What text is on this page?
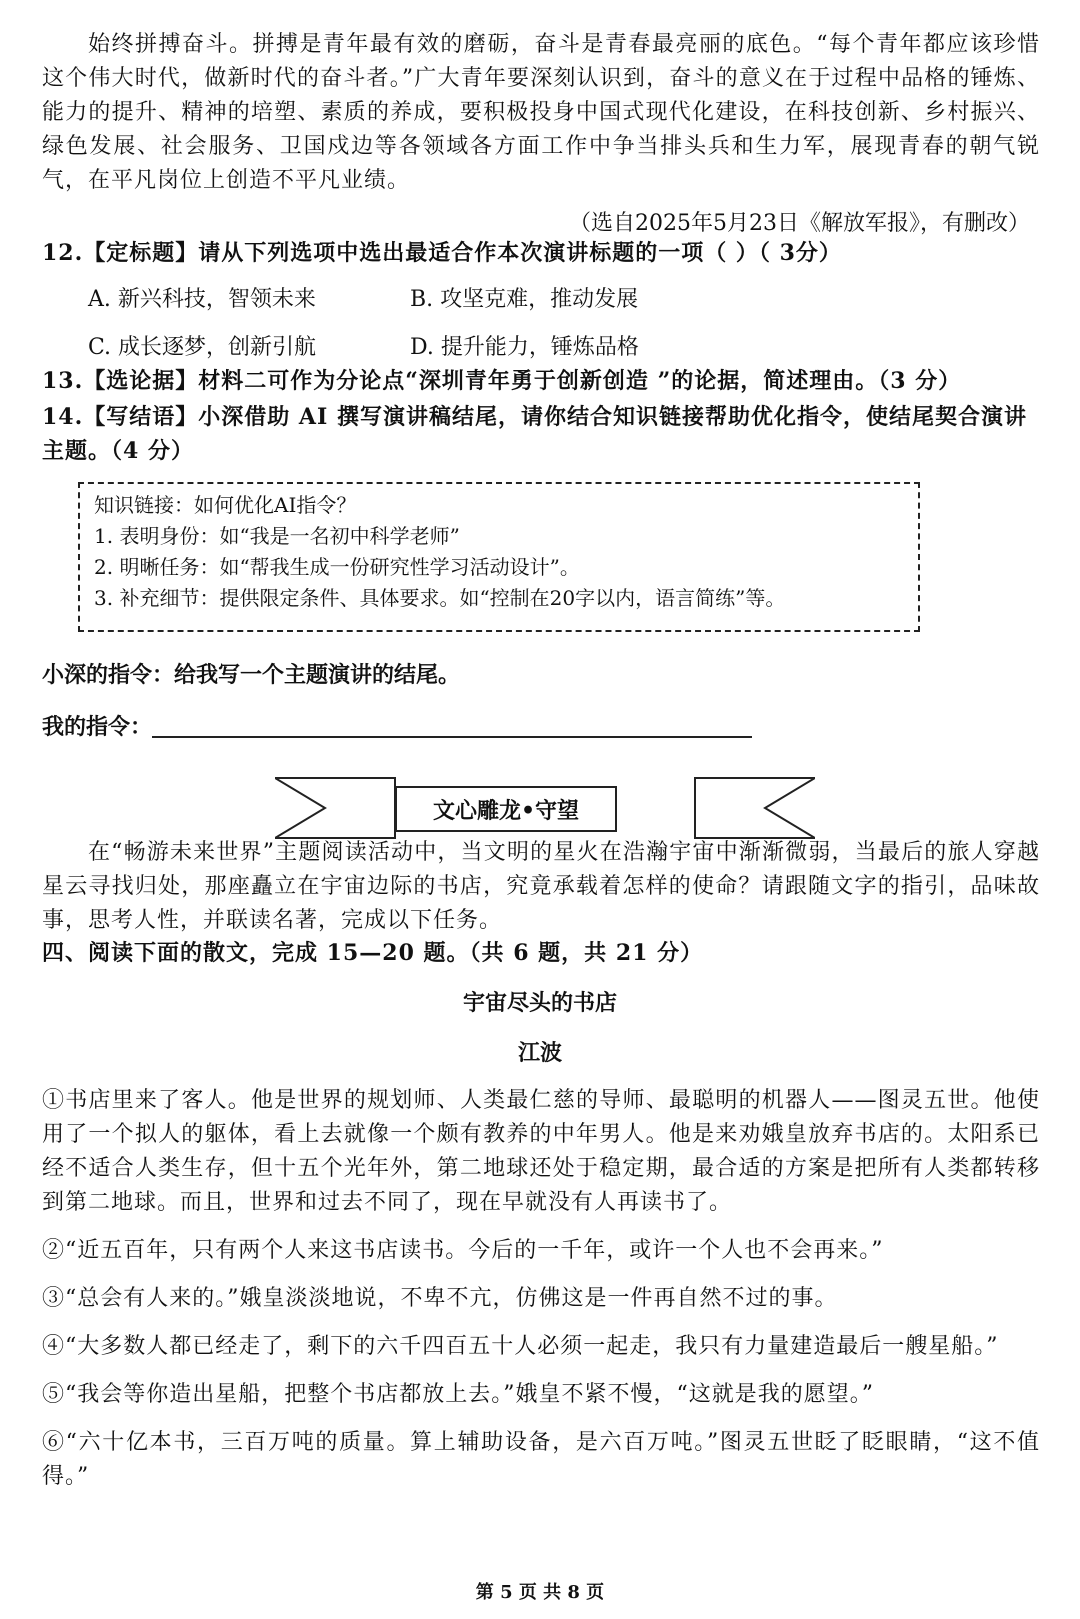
始终拼搏奋斗。拼搏是青年最有效的磨砺，奋斗是青春最亮丽的底色。“每个青年都应该珍惜这个伟大时代，做新时代的奋斗者。”广大青年要深刻认识到，奋斗的意义在于过程中品格的锤炼、能力的提升、精神的培塑、素质的养成，要积极投身中国式现代化建设，在科技创新、乡村振兴、绿色发展、社会服务、卫国戍边等各领域各方面工作中争当排头兵和生力军，展现青春的朝气锐气，在平凡岗位上创造不平凡业绩。

（选自2025年5月23日《解放军报》，有删改）
12.【定标题】请从下列选项中选出最适合作本次演讲标题的一项（ ）（ 3分）
A. 新兴科技，智领未来	B. 攻坚克难，推动发展
C. 成长逐梦，创新引航	D. 提升能力，锤炼品格
13.【选论据】材料二可作为分论点“深圳青年勇于创新创造 ”的论据，简述理由。（3 分）
14.【写结语】小深借助 AI 撰写演讲稿结尾，请你结合知识链接帮助优化指令，使结尾契合演讲主题。（4 分）
知识链接：如何优化AI指令？
1. 表明身份：如“我是一名初中科学老师”
2. 明晰任务：如“帮我生成一份研究性学习活动设计”。
3. 补充细节：提供限定条件、具体要求。如“控制在20字以内，语言简练”等。
小深的指令：给我写一个主题演讲的结尾。
我的指令：
文心雕龙•守望

在“畅游未来世界”主题阅读活动中，当文明的星火在浩瀚宇宙中渐渐微弱，当最后的旅人穿越星云寻找归处，那座矗立在宇宙边际的书店，究竟承载着怎样的使命？请跟随文字的指引，品味故事，思考人性，并联读名著，完成以下任务。

四、阅读下面的散文，完成 15—20 题。（共 6 题，共 21 分）
宇宙尽头的书店
江波

①书店里来了客人。他是世界的规划师、人类最仁慈的导师、最聪明的机器人——图灵五世。他使用了一个拟人的躯体，看上去就像一个颇有教养的中年男人。他是来劝娥皇放弃书店的。太阳系已经不适合人类生存，但十五个光年外，第二地球还处于稳定期，最合适的方案是把所有人类都转移到第二地球。而且，世界和过去不同了，现在早就没有人再读书了。

②“近五百年，只有两个人来这书店读书。今后的一千年，或许一个人也不会再来。”

③“总会有人来的。”娥皇淡淡地说，不卑不亢，仿佛这是一件再自然不过的事。

④“大多数人都已经走了，剩下的六千四百五十人必须一起走，我只有力量建造最后一艘星船。”

⑤“我会等你造出星船，把整个书店都放上去。”娥皇不紧不慢，“这就是我的愿望。”

⑥“六十亿本书，三百万吨的质量。算上辅助设备，是六百万吨。”图灵五世眨了眨眼睛，“这不值得。”

第 5 页 共 8 页
